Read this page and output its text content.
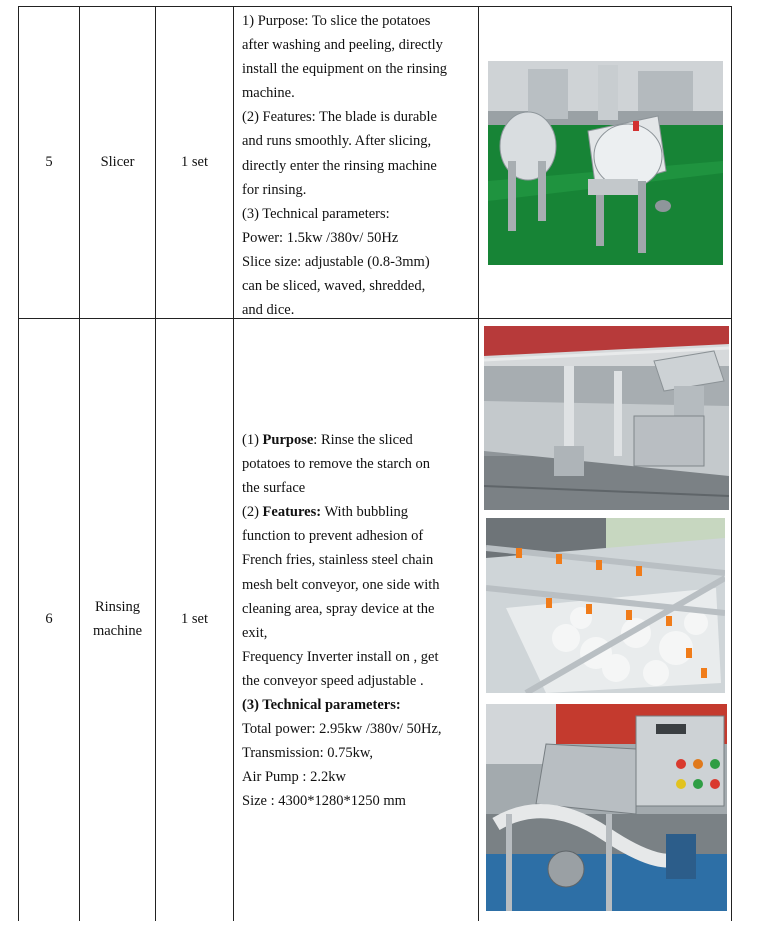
5	Slicer	1 set

1) Purpose: To slice the potatoes

after washing and peeling, directly

install the equipment on the rinsing

machine.

(2) Features: The blade is durable

and runs smoothly. After slicing,

directly enter the rinsing machine

for rinsing.

(3) Technical parameters:

Power: 1.5kw /380v/ 50Hz

Slice size: adjustable (0.8-3mm)

can be sliced, waved, shredded,

and dice.

6
Rinsing
machine
1 set

(1) Purpose: Rinse the sliced

potatoes to remove the starch on

the surface

(2) Features: With bubbling

function to prevent adhesion of

French fries, stainless steel chain

mesh belt conveyor, one side with

cleaning area, spray device at the

exit,

Frequency Inverter install on , get

the conveyor speed adjustable .

(3) Technical parameters:

Total power: 2.95kw /380v/ 50Hz,

Transmission: 0.75kw,

Air Pump : 2.2kw

Size : 4300*1280*1250 mm
